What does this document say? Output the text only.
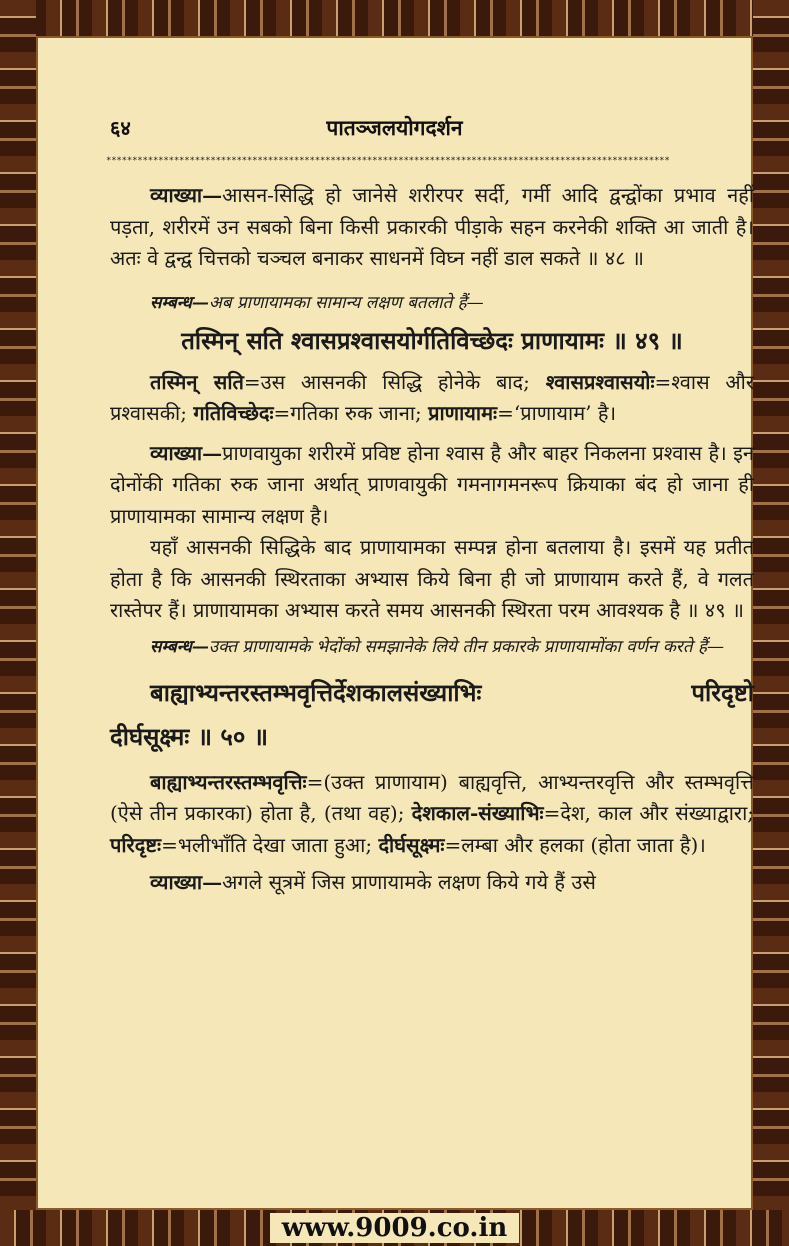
पातञ्जलयोगदर्शन
६४
************************************************************************************************************

व्याख्या—आसन-सिद्धि हो जानेसे शरीरपर सर्दी, गर्मी आदि द्वन्द्वोंका प्रभाव नहीं पड़ता, शरीरमें उन सबको बिना किसी प्रकारकी पीड़ाके सहन करनेकी शक्ति आ जाती है। अतः वे द्वन्द्व चित्तको चञ्चल बनाकर साधनमें विघ्न नहीं डाल सकते ॥ ४८ ॥

सम्बन्ध—अब प्राणायामका सामान्य लक्षण बतलाते हैं—

तस्मिन् सति श्वासप्रश्वासयोर्गतिविच्छेदः प्राणायामः ॥ ४९ ॥

तस्मिन् सति=उस आसनकी सिद्धि होनेके बाद; श्वासप्रश्वासयोः=श्वास और प्रश्वासकी; गतिविच्छेदः=गतिका रुक जाना; प्राणायामः=‘प्राणायाम’ है।

व्याख्या—प्राणवायुका शरीरमें प्रविष्ट होना श्वास है और बाहर निकलना प्रश्वास है। इन दोनोंकी गतिका रुक जाना अर्थात् प्राणवायुकी गमनागमनरूप क्रियाका बंद हो जाना ही प्राणायामका सामान्य लक्षण है।

यहाँ आसनकी सिद्धिके बाद प्राणायामका सम्पन्न होना बतलाया है। इसमें यह प्रतीत होता है कि आसनकी स्थिरताका अभ्यास किये बिना ही जो प्राणायाम करते हैं, वे गलत रास्तेपर हैं। प्राणायामका अभ्यास करते समय आसनकी स्थिरता परम आवश्यक है ॥ ४९ ॥

सम्बन्ध—उक्त प्राणायामके भेदोंको समझानेके लिये तीन प्रकारके प्राणायामोंका वर्णन करते हैं—

बाह्याभ्यन्तरस्तम्भवृत्तिर्देशकालसंख्याभिः	परिदृष्टो
दीर्घसूक्ष्मः ॥ ५० ॥

बाह्याभ्यन्तरस्तम्भवृत्तिः=(उक्त प्राणायाम) बाह्यवृत्ति, आभ्यन्तरवृत्ति और स्तम्भवृत्ति (ऐसे तीन प्रकारका) होता है, (तथा वह); देशकाल-संख्याभिः=देश, काल और संख्याद्वारा; परिदृष्टः=भलीभाँति देखा जाता हुआ; दीर्घसूक्ष्मः=लम्बा और हलका (होता जाता है)।

व्याख्या—अगले सूत्रमें जिस प्राणायामके लक्षण किये गये हैं उसे

www.9009.co.in
